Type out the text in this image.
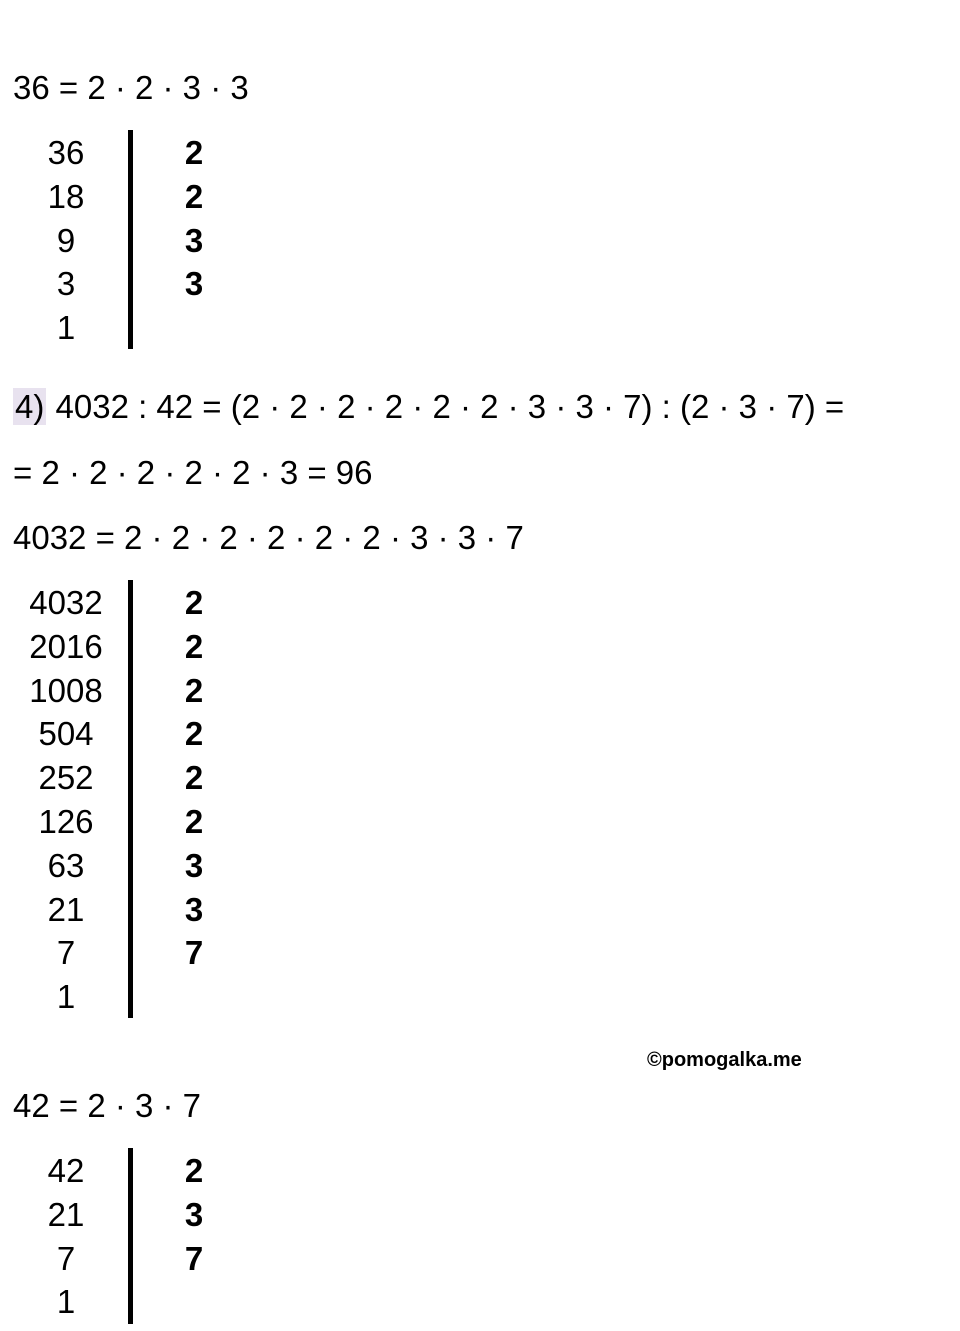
36 = 2 · 2 · 3 · 3
36	2
18	2
9	3
3	3
1
4) 4032 : 42 = (2 · 2 · 2 · 2 · 2 · 2 · 3 · 3 · 7) : (2 · 3 · 7) =
= 2 · 2 · 2 · 2 · 2 · 3 = 96
4032 = 2 · 2 · 2 · 2 · 2 · 2 · 3 · 3 · 7
4032	2
2016	2
1008	2
504	2
252	2
126	2
63	3
21	3
7	7
1
©pomogalka.me
42 = 2 · 3 · 7
42	2
21	3
7	7
1
